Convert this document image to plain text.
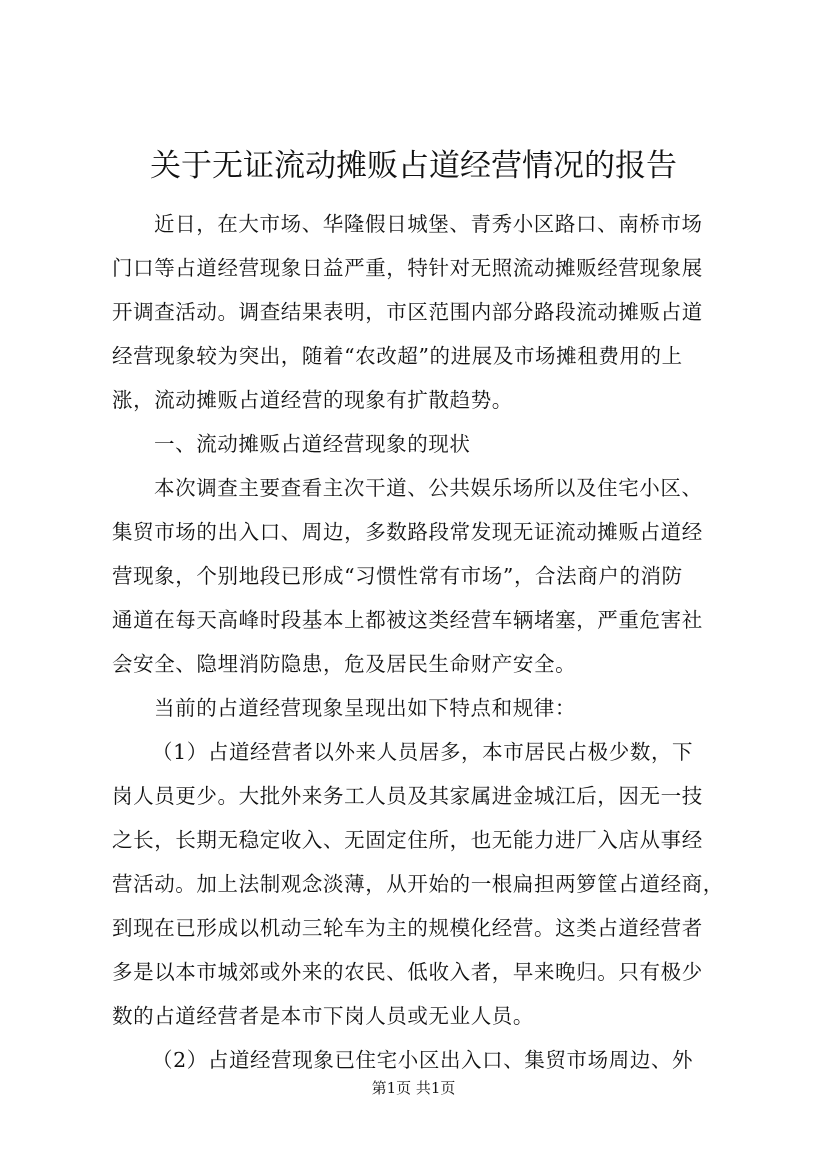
关于无证流动摊贩占道经营情况的报告
近日，在大市场、华隆假日城堡、青秀小区路口、南桥市场
门口等占道经营现象日益严重，特针对无照流动摊贩经营现象展
开调查活动。调查结果表明，市区范围内部分路段流动摊贩占道
经营现象较为突出，随着“农改超”的进展及市场摊租费用的上
涨，流动摊贩占道经营的现象有扩散趋势。
一、流动摊贩占道经营现象的现状
本次调查主要查看主次干道、公共娱乐场所以及住宅小区、
集贸市场的出入口、周边，多数路段常发现无证流动摊贩占道经
营现象，个别地段已形成“习惯性常有市场”，合法商户的消防
通道在每天高峰时段基本上都被这类经营车辆堵塞，严重危害社
会安全、隐埋消防隐患，危及居民生命财产安全。
当前的占道经营现象呈现出如下特点和规律：
（1）占道经营者以外来人员居多，本市居民占极少数，下
岗人员更少。大批外来务工人员及其家属进金城江后，因无一技
之长，长期无稳定收入、无固定住所，也无能力进厂入店从事经
营活动。加上法制观念淡薄，从开始的一根扁担两箩筐占道经商，
到现在已形成以机动三轮车为主的规模化经营。这类占道经营者
多是以本市城郊或外来的农民、低收入者，早来晚归。只有极少
数的占道经营者是本市下岗人员或无业人员。
（2）占道经营现象已住宅小区出入口、集贸市场周边、外
第1页 共1页
